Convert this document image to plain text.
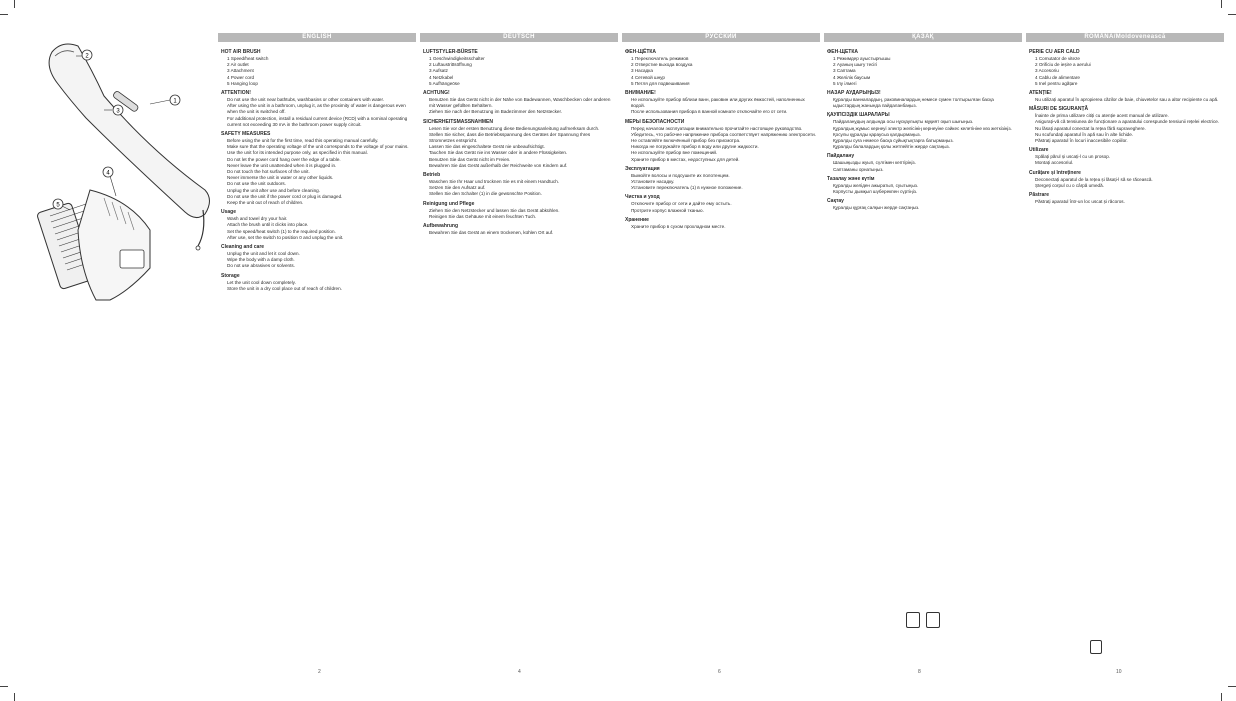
1
2
3
4
5
ENGLISH	DEUTSCH	РУССКИЙ	ҚАЗАҚ	ROMÂNĂ/Moldovenească
HOT AIR BRUSH
1 Speed/heat switch
2 Air outlet
3 Attachment
4 Power cord
5 Hanging loop
ATTENTION!
Do not use the unit near bathtubs, washbasins or other containers with water.
After using the unit in a bathroom, unplug it, as the proximity of water is dangerous even when the unit is switched off.
For additional protection, install a residual current device (RCD) with a nominal operating current not exceeding 30 mA in the bathroom power supply circuit.
SAFETY MEASURES
Before using the unit for the first time, read this operating manual carefully.
Make sure that the operating voltage of the unit corresponds to the voltage of your mains.
Use the unit for its intended purpose only, as specified in this manual.
Do not let the power cord hang over the edge of a table.
Never leave the unit unattended when it is plugged in.
Do not touch the hot surfaces of the unit.
Never immerse the unit in water or any other liquids.
Do not use the unit outdoors.
Unplug the unit after use and before cleaning.
Do not use the unit if the power cord or plug is damaged.
Keep the unit out of reach of children.
Usage
Wash and towel dry your hair.
Attach the brush until it clicks into place.
Set the speed/heat switch (1) to the required position.
After use, set the switch to position 0 and unplug the unit.
Cleaning and care
Unplug the unit and let it cool down.
Wipe the body with a damp cloth.
Do not use abrasives or solvents.
Storage
Let the unit cool down completely.
Store the unit in a dry cool place out of reach of children.
LUFTSTYLER-BÜRSTE
1 Geschwindigkeitsschalter
2 Luftaustrittsöffnung
3 Aufsatz
4 Netzkabel
5 Aufhängeöse
ACHTUNG!
Benutzen Sie das Gerät nicht in der Nähe von Badewannen, Waschbecken oder anderen mit Wasser gefüllten Behältern.
Ziehen Sie nach der Benutzung im Badezimmer den Netzstecker.
SICHERHEITSMASSNAHMEN
Lesen Sie vor der ersten Benutzung diese Bedienungsanleitung aufmerksam durch.
Stellen Sie sicher, dass die Betriebsspannung des Gerätes der Spannung Ihres Stromnetzes entspricht.
Lassen Sie das eingeschaltete Gerät nie unbeaufsichtigt.
Tauchen Sie das Gerät nie ins Wasser oder in andere Flüssigkeiten.
Benutzen Sie das Gerät nicht im Freien.
Bewahren Sie das Gerät außerhalb der Reichweite von Kindern auf.
Betrieb
Waschen Sie Ihr Haar und trocknen Sie es mit einem Handtuch.
Setzen Sie den Aufsatz auf.
Stellen Sie den Schalter (1) in die gewünschte Position.
Reinigung und Pflege
Ziehen Sie den Netzstecker und lassen Sie das Gerät abkühlen.
Reinigen Sie das Gehäuse mit einem feuchten Tuch.
Aufbewahrung
Bewahren Sie das Gerät an einem trockenen, kühlen Ort auf.
ФЕН-ЩЁТКА
1 Переключатель режимов
2 Отверстие выхода воздуха
3 Насадка
4 Сетевой шнур
5 Петля для подвешивания
ВНИМАНИЕ!
Не используйте прибор вблизи ванн, раковин или других ёмкостей, наполненных водой.
После использования прибора в ванной комнате отключайте его от сети.
МЕРЫ БЕЗОПАСНОСТИ
Перед началом эксплуатации внимательно прочитайте настоящее руководство.
Убедитесь, что рабочее напряжение прибора соответствует напряжению электросети.
Не оставляйте включённый прибор без присмотра.
Никогда не погружайте прибор в воду или другие жидкости.
Не используйте прибор вне помещений.
Храните прибор в местах, недоступных для детей.
Эксплуатация
Вымойте волосы и подсушите их полотенцем.
Установите насадку.
Установите переключатель (1) в нужное положение.
Чистка и уход
Отключите прибор от сети и дайте ему остыть.
Протрите корпус влажной тканью.
Хранение
Храните прибор в сухом прохладном месте.
ФЕН-ЩЕТКА
1 Режимдер ауыстырғышы
2 Ауаның шығу тесігі
3 Саптама
4 Желілік баусым
5 Ілу ілмегі
НАЗАР АУДАРЫҢЫЗ!
Құралды ванналардың, раковиналардың немесе сумен толтырылған басқа ыдыстардың жанында пайдаланбаңыз.
ҚАУІПСІЗДІК ШАРАЛАРЫ
Пайдаланудың алдында осы нұсқаулықты мұқият оқып шығыңыз.
Құралдың жұмыс кернеуі электр желісінің кернеуіне сәйкес келетініне көз жеткізіңіз.
Қосулы құралды қараусыз қалдырмаңыз.
Құралды суға немесе басқа сұйықтықтарға батырмаңыз.
Құралды балалардың қолы жетпейтін жерде сақтаңыз.
Пайдалану
Шашыңызды жуып, сүлгімен кептіріңіз.
Саптаманы орнатыңыз.
Тазалау және күтім
Құралды желіден ажыратып, суытыңыз.
Корпусты дымқыл шүберекпен сүртіңіз.
Сақтау
Құралды құрғақ салқын жерде сақтаңыз.
PERIE CU AER CALD
1 Comutator de viteze
2 Orificiu de ieșire a aerului
3 Accesoriu
4 Cablu de alimentare
5 Inel pentru agățare
ATENȚIE!
Nu utilizați aparatul în apropierea căzilor de baie, chiuvetelor sau a altor recipiente cu apă.
MĂSURI DE SIGURANȚĂ
Înainte de prima utilizare citiți cu atenție acest manual de utilizare.
Asigurați-vă că tensiunea de funcționare a aparatului corespunde tensiunii rețelei electrice.
Nu lăsați aparatul conectat la rețea fără supraveghere.
Nu scufundați aparatul în apă sau în alte lichide.
Păstrați aparatul în locuri inaccesibile copiilor.
Utilizare
Spălați părul și uscați-l cu un prosop.
Montați accesoriul.
Curățare și întreținere
Deconectați aparatul de la rețea și lăsați-l să se răcească.
Ștergeți corpul cu o cârpă umedă.
Păstrare
Păstrați aparatul într-un loc uscat și răcoros.
2	4	6	8	10
